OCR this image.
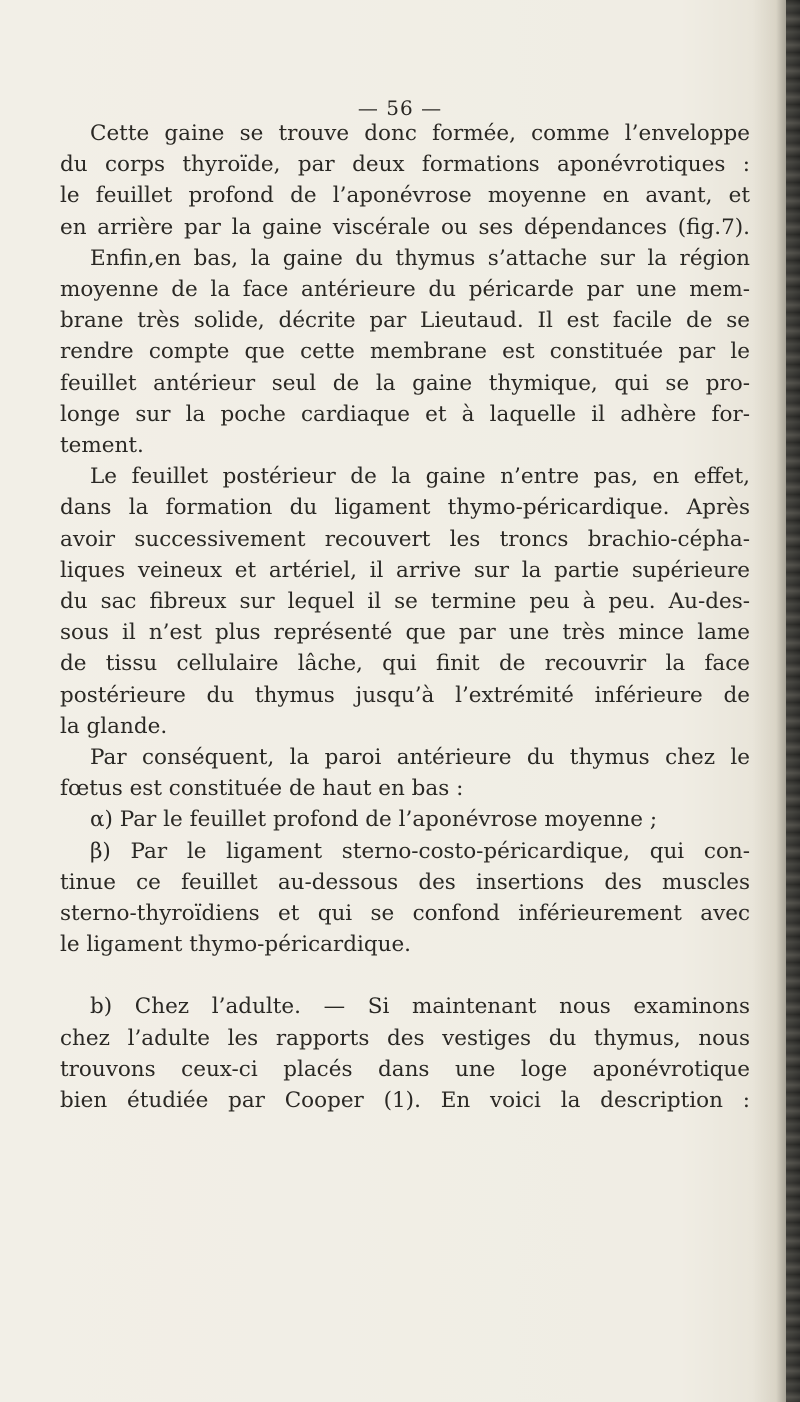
— 56 —
Cette gaine se trouve donc formée, comme l’enveloppe
du corps thyroïde, par deux formations aponévrotiques :
le feuillet profond de l’aponévrose moyenne en avant, et
en arrière par la gaine viscérale ou ses dépendances (fig.7).
Enfin,en bas, la gaine du thymus s’attache sur la région
moyenne de la face antérieure du péricarde par une mem-
brane très solide, décrite par Lieutaud. Il est facile de se
rendre compte que cette membrane est constituée par le
feuillet antérieur seul de la gaine thymique, qui se pro-
longe sur la poche cardiaque et à laquelle il adhère for-
tement.
Le feuillet postérieur de la gaine n’entre pas, en effet,
dans la formation du ligament thymo-péricardique. Après
avoir successivement recouvert les troncs brachio-cépha-
liques veineux et artériel, il arrive sur la partie supérieure
du sac fibreux sur lequel il se termine peu à peu. Au-des-
sous il n’est plus représenté que par une très mince lame
de tissu cellulaire lâche, qui finit de recouvrir la face
postérieure du thymus jusqu’à l’extrémité inférieure de
la glande.
Par conséquent, la paroi antérieure du thymus chez le
fœtus est constituée de haut en bas :
α) Par le feuillet profond de l’aponévrose moyenne ;
β) Par le ligament sterno-costo-péricardique, qui con-
tinue ce feuillet au-dessous des insertions des muscles
sterno-thyroïdiens et qui se confond inférieurement avec
le ligament thymo-péricardique.
b) Chez l’adulte. — Si maintenant nous examinons
chez l’adulte les rapports des vestiges du thymus, nous
trouvons ceux-ci placés dans une loge aponévrotique
bien étudiée par Cooper (1). En voici la description :
